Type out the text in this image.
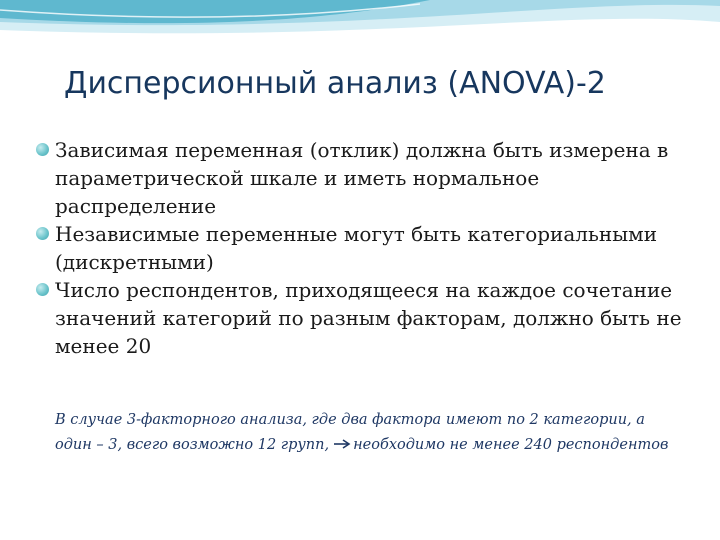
Дисперсионный анализ (ANOVA)-2
Зависимая переменная (отклик) должна быть измерена в параметрической шкале и иметь нормальное распределение
Независимые переменные могут быть категориальными (дискретными)
Число респондентов, приходящееся на каждое сочетание значений категорий по разным факторам, должно быть не менее 20

В случае 3-факторного анализа, где два фактора имеют по 2 категории, а один – 3, всего возможно 12 групп, необходимо не менее 240 респондентов
